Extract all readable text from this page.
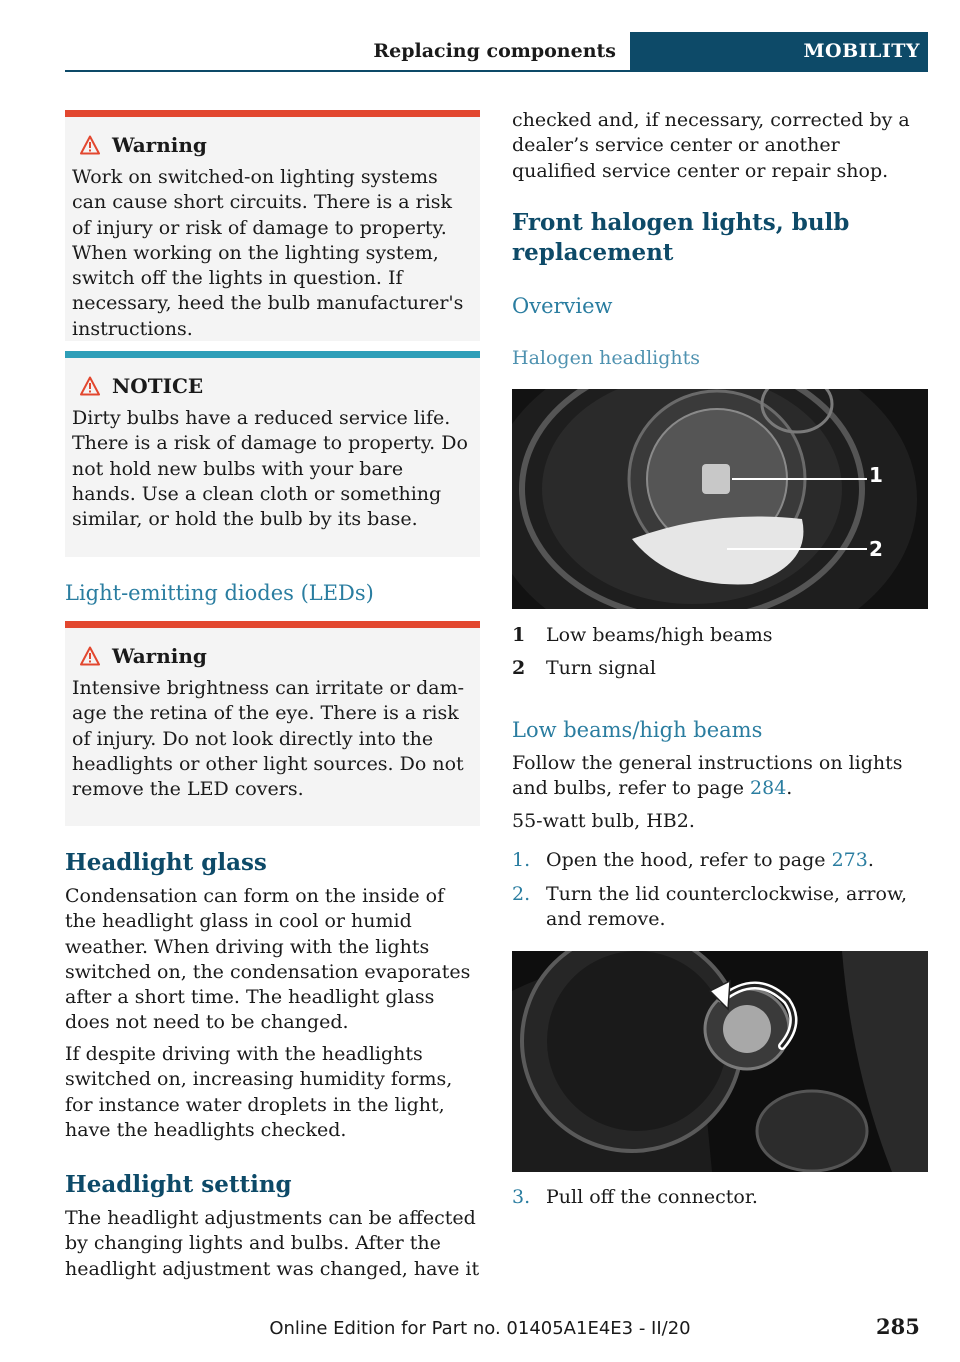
Replacing components	MOBILITY
Warning
Work on switched-on lighting systems can cause short circuits. There is a risk of injury or risk of damage to property. When working on the lighting system, switch off the lights in question. If necessary, heed the bulb manufacturer's instructions.
NOTICE
Dirty bulbs have a reduced service life. There is a risk of damage to property. Do not hold new bulbs with your bare hands. Use a clean cloth or something similar, or hold the bulb by its base.
Light-emitting diodes (LEDs)
Warning
Intensive brightness can irritate or damage the retina of the eye. There is a risk of injury. Do not look directly into the headlights or other light sources. Do not remove the LED covers.
Headlight glass
Condensation can form on the inside of the headlight glass in cool or humid weather. When driving with the lights switched on, the condensation evaporates after a short time. The headlight glass does not need to be changed.
If despite driving with the headlights switched on, increasing humidity forms, for instance water droplets in the light, have the headlights checked.
Headlight setting
The headlight adjustments can be affected by changing lights and bulbs. After the headlight adjustment was changed, have it
checked and, if necessary, corrected by a dealer’s service center or another qualified service center or repair shop.
Front halogen lights, bulb replacement
Overview
Halogen headlights
1
2
1	Low beams/high beams
2	Turn signal
Low beams/high beams
Follow the general instructions on lights and bulbs, refer to page 284.
55-watt bulb, HB2.
1. Open the hood, refer to page 273.
2. Turn the lid counterclockwise, arrow, and remove.
3. Pull off the connector.
Online Edition for Part no. 01405A1E4E3 - II/20	285
